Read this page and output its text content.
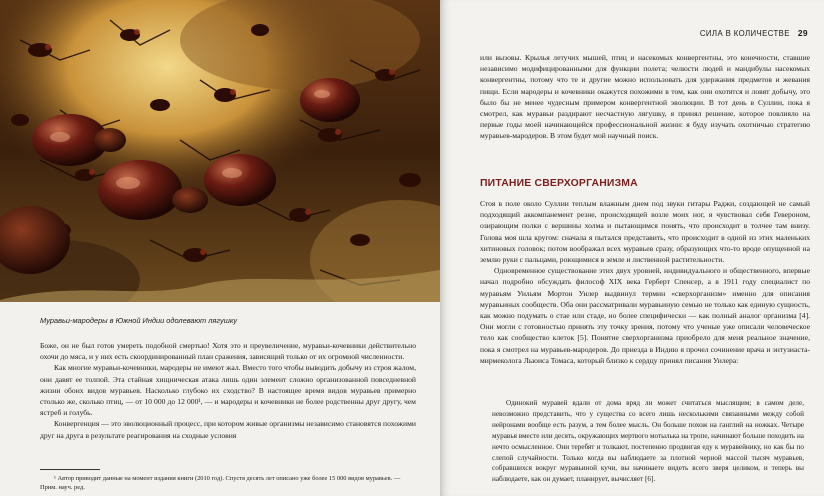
Муравьи-мародеры в Южной Индии одолевают лягушку

Боже, он не был готов умереть подобной смертью! Хотя это и преувеличение, муравьи-кочевники действительно охочи до мяса, и у них есть скоординированный план сражения, зависящий только от их огромной численности.

Как многие муравьи-кочевники, мародеры не имеют жал. Вместо того чтобы выводить добычу из строя жалом, они давят ее толпой. Эта стайная хищническая атака лишь один элемент сложно организованной повседневной жизни обоих видов муравьев. Насколько глубоко их сходство? В настоящее время видов муравьев примерно столько же, сколько птиц, — от 10 000 до 12 000¹, — и мародеры и кочевники не более родственны друг другу, чем ястреб и голубь.

Конвергенция — это эволюционный процесс, при котором живые организмы независимо становятся похожими друг на друга в результате реагирования на сходные условия

¹ Автор приводит данные на момент издания книги (2010 год). Спустя десять лет описано уже более 15 000 видов муравьев. — Прим. науч. ред.
СИЛА В КОЛИЧЕСТВЕ 29

или вызовы. Крылья летучих мышей, птиц и насекомых конвергентны, это конечности, ставшие независимо модифицированными для функции полета; челюсти людей и мандибулы насекомых конвергентны, потому что те и другие можно использовать для удержания предметов и жевания пищи. Если мародеры и кочевники окажутся похожими в том, как они охотятся и ловят добычу, это было бы не менее чудесным примером конвергентной эволюции. В тот день в Суллии, пока я смотрел, как муравьи раздирают несчастную лягушку, я принял решение, которое повлияло на первые годы моей начинающейся профессиональной жизни: я буду изучать охотничью стратегию муравьев-мародеров. В этом будет мой научный поиск.

ПИТАНИЕ СВЕРХОРГАНИЗМА

Стоя в поле около Суллии теплым влажным днем под звуки гитары Раджи, создающей не самый подходящий аккомпанемент резне, происходящей возле моих ног, я чувствовал себя Гевероном, озирающим полки с вершины холма и пытающимся понять, что происходит в толчее там внизу. Голова моя шла кругом: сначала я пытался представить, что происходит в одной из этих маленьких хитиновых головок; потом воображал всех муравьев сразу, образующих что-то вроде опущенной на землю руки с пальцами, роющимися в земле и лиственной растительности.

Одновременное существование этих двух уровней, индивидуального и общественного, впервые начал подробно обсуждать философ XIX века Герберт Спенсер, а в 1911 году специалист по муравьям Уильям Мортон Уилер выдвинул термин «сверхорганизм» именно для описания муравьиных сообществ. Оба они рассматривали муравьиную семью не только как единую сущность, как можно подумать о стае или стаде, но более специфически — как полный аналог организма [4]. Они могли с готовностью принять эту точку зрения, потому что ученые уже описали человеческое тело как сообщество клеток [5]. Понятие сверхорганизма приобрело для меня реальное значение, пока я смотрел на муравьев-мародеров. До приезда в Индию я прочел сочинение врача и энтузиаста-мирмеколога Льюиса Томаса, который близко к сердцу принял писания Уилера:

Одинокий муравей вдали от дома вряд ли может считаться мыслящим; в самом деле, невозможно представить, что у существа со всего лишь несколькими связанными между собой нейронами вообще есть разум, а тем более мысль. Он больше похож на ганглий на ножках. Четыре муравья вместе или десять, окружающих мертвого мотылька на тропе, начинают больше походить на нечто осмысленное. Они теребят и толкают, постепенно продвигая еду к муравейнику, но как бы по слепой случайности. Только когда вы наблюдаете за плотной черной массой тысяч муравьев, собравшихся вокруг муравьиной кучи, вы начинаете видеть всего зверя целиком, и теперь вы наблюдаете, как он думает, планирует, вычисляет [6].
